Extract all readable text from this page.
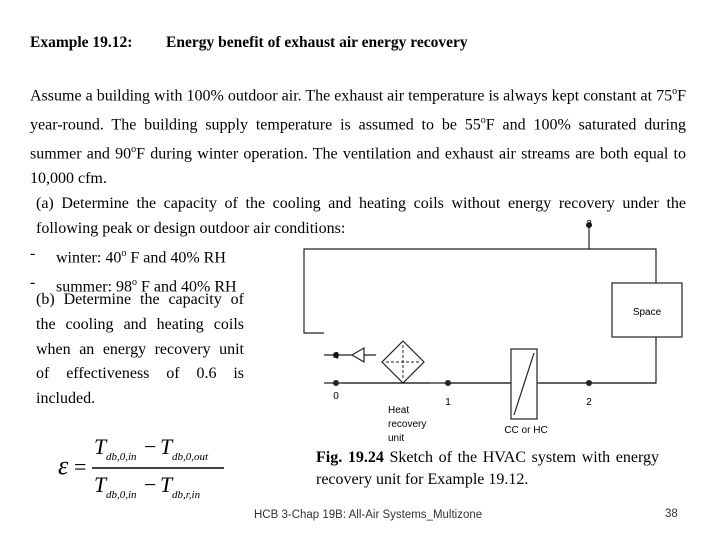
Example 19.12: Energy benefit of exhaust air energy recovery

Assume a building with 100% outdoor air. The exhaust air temperature is always kept constant at 75$^o$F year-round. The building supply temperature is assumed to be 55$^o$F and 100% saturated during summer and 90$^o$F during winter operation. The ventilation and exhaust air streams are both equal to 10,000 cfm.

(a) Determine the capacity of the cooling and heating coils without energy recovery under the following peak or design outdoor air conditions:

- winter: 40$^o$ F and 40% RH
- summer: 98$^o$ F and 40% RH
(b) Determine the capacity of
the cooling and heating coils
when an energy recovery unit
of effectiveness of 0.6 is
included.
ε =
T db,0,in − T db,0,out
T db,0,in − T db,r,in
Space
3
4
0
1	2
Heat
recovery
unit
CC or HC
Fig. 19.24 Sketch of the HVAC system with energy recovery unit for Example 19.12.
HCB 3-Chap 19B: All-Air Systems_Multizone	38
